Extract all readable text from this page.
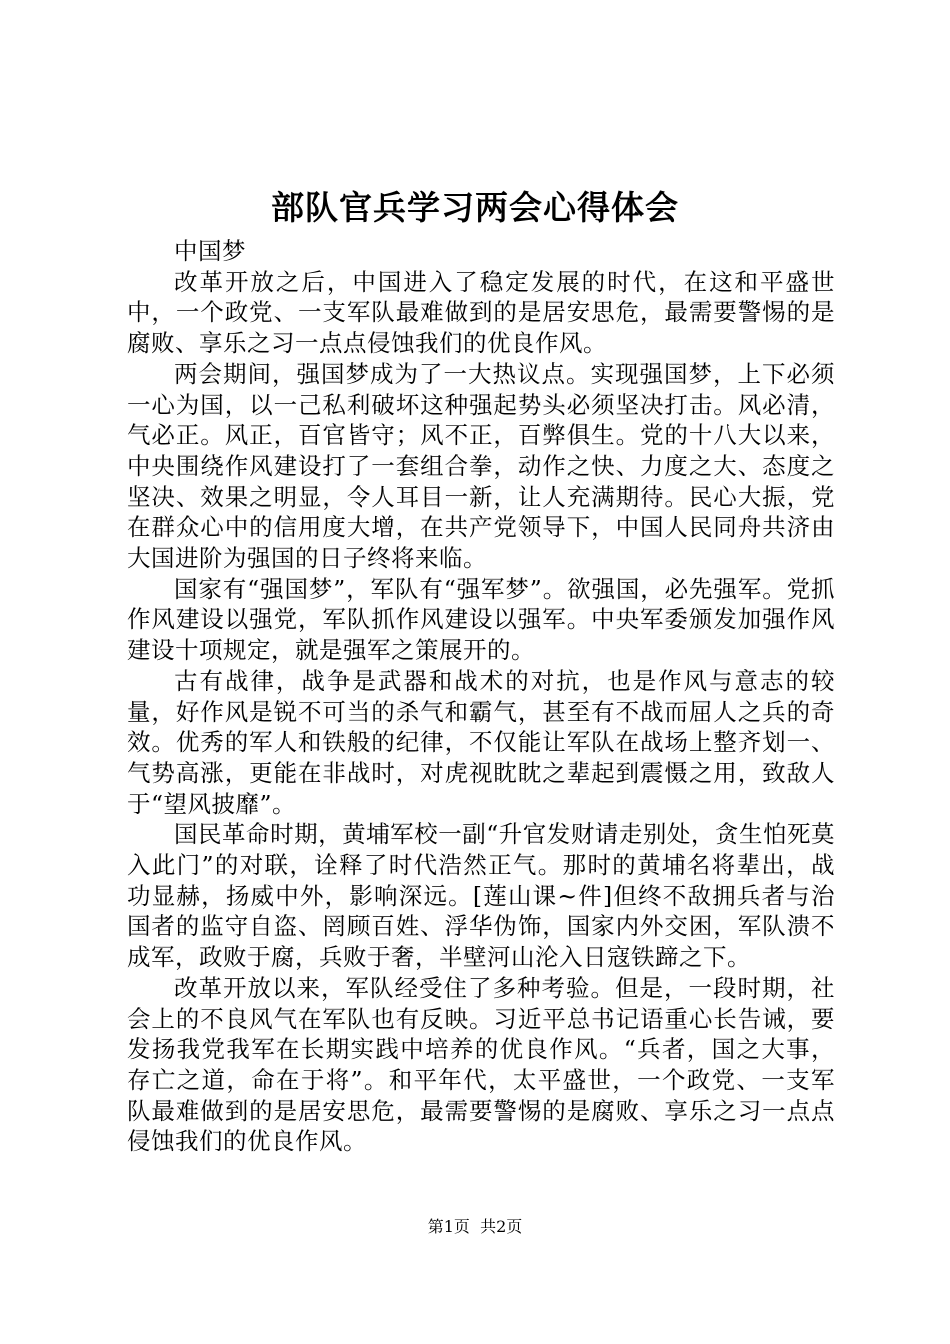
部队官兵学习两会心得体会

中国梦

改革开放之后，中国进入了稳定发展的时代，在这和平盛世中，一个政党、一支军队最难做到的是居安思危，最需要警惕的是腐败、享乐之习一点点侵蚀我们的优良作风。

两会期间，强国梦成为了一大热议点。实现强国梦，上下必须一心为国，以一己私利破坏这种强起势头必须坚决打击。风必清，气必正。风正，百官皆守；风不正，百弊俱生。党的十八大以来，中央围绕作风建设打了一套组合拳，动作之快、力度之大、态度之坚决、效果之明显，令人耳目一新，让人充满期待。民心大振，党在群众心中的信用度大增，在共产党领导下，中国人民同舟共济由大国进阶为强国的日子终将来临。

国家有“强国梦”，军队有“强军梦”。欲强国，必先强军。党抓作风建设以强党，军队抓作风建设以强军。中央军委颁发加强作风建设十项规定，就是强军之策展开的。

古有战律，战争是武器和战术的对抗，也是作风与意志的较量，好作风是锐不可当的杀气和霸气，甚至有不战而屈人之兵的奇效。优秀的军人和铁般的纪律，不仅能让军队在战场上整齐划一、气势高涨，更能在非战时，对虎视眈眈之辈起到震慑之用，致敌人于“望风披靡”。

国民革命时期，黄埔军校一副“升官发财请走别处，贪生怕死莫入此门”的对联，诠释了时代浩然正气。那时的黄埔名将辈出，战功显赫，扬威中外，影响深远。[莲山课~件]但终不敌拥兵者与治国者的监守自盗、罔顾百姓、浮华伪饰，国家内外交困，军队溃不成军，政败于腐，兵败于奢，半壁河山沦入日寇铁蹄之下。

改革开放以来，军队经受住了多种考验。但是，一段时期，社会上的不良风气在军队也有反映。习近平总书记语重心长告诫，要发扬我党我军在长期实践中培养的优良作风。“兵者，国之大事，存亡之道，命在于将”。和平年代，太平盛世，一个政党、一支军队最难做到的是居安思危，最需要警惕的是腐败、享乐之习一点点侵蚀我们的优良作风。

第1页  共2页
